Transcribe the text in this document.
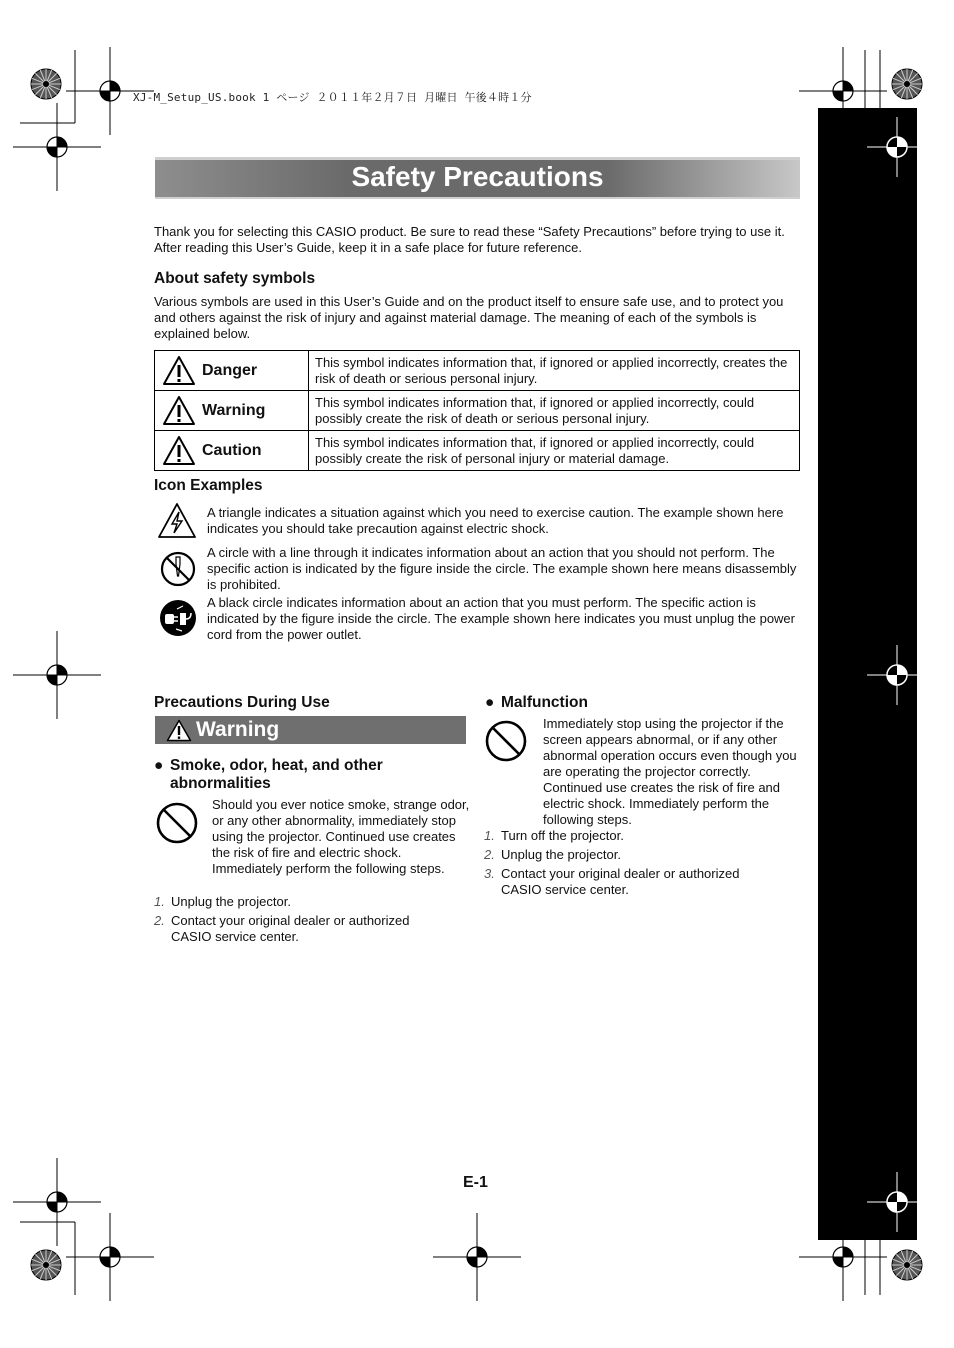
XJ-M_Setup_US.book 1 ページ ２０１１年２月７日 月曜日 午後４時１分
Safety Precautions

Thank you for selecting this CASIO product. Be sure to read these “Safety Precautions” before trying to use it. After reading this User’s Guide, keep it in a safe place for future reference.

About safety symbols

Various symbols are used in this User’s Guide and on the product itself to ensure safe use, and to protect you and others against the risk of injury and against material damage. The meaning of each of the symbols is explained below.

Danger	This symbol indicates information that, if ignored or applied incorrectly, creates the risk of death or serious personal injury.

Warning	This symbol indicates information that, if ignored or applied incorrectly, could possibly create the risk of death or serious personal injury.

Caution	This symbol indicates information that, if ignored or applied incorrectly, could possibly create the risk of personal injury or material damage.
Icon Examples

A triangle indicates a situation against which you need to exercise caution. The example shown here indicates you should take precaution against electric shock.

A circle with a line through it indicates information about an action that you should not perform. The specific action is indicated by the figure inside the circle. The example shown here means disassembly is prohibited.

A black circle indicates information about an action that you must perform. The specific action is indicated by the figure inside the circle. The example shown here indicates you must unplug the power cord from the power outlet.

Precautions During Use
Warning
● Smoke, odor, heat, and other abnormalities

Should you ever notice smoke, strange odor, or any other abnormality, immediately stop using the projector. Continued use creates the risk of fire and electric shock. Immediately perform the following steps.

1. Unplug the projector.
2. Contact your original dealer or authorized CASIO service center.
● Malfunction

Immediately stop using the projector if the screen appears abnormal, or if any other abnormal operation occurs even though you are operating the projector correctly. Continued use creates the risk of fire and electric shock. Immediately perform the following steps.

1. Turn off the projector.
2. Unplug the projector.
3. Contact your original dealer or authorized CASIO service center.
E-1
